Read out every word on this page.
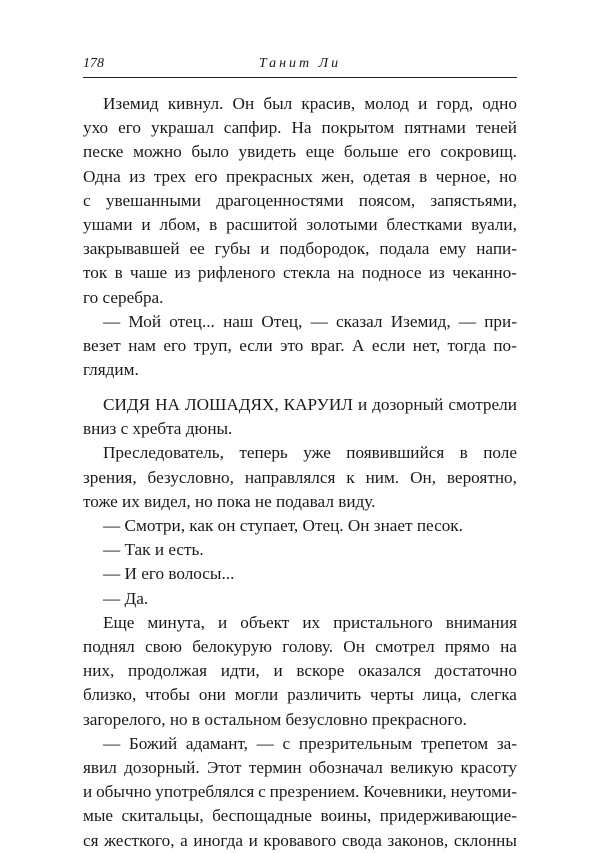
178	Танит Ли
Иземид кивнул. Он был красив, молод и горд, одно
ухо его украшал сапфир. На покрытом пятнами теней
песке можно было увидеть еще больше его сокровищ.
Одна из трех его прекрасных жен, одетая в черное, но
с увешанными драгоценностями поясом, запястьями,
ушами и лбом, в расшитой золотыми блестками вуали,
закрывавшей ее губы и подбородок, подала ему напи-
ток в чаше из рифленого стекла на подносе из чеканно-
го серебра.
— Мой отец... наш Отец, — сказал Иземид, — при-
везет нам его труп, если это враг. А если нет, тогда по-
глядим.
СИДЯ НА ЛОШАДЯХ, КАРУИЛ и дозорный смотрели
вниз с хребта дюны.
Преследователь, теперь уже появившийся в поле
зрения, безусловно, направлялся к ним. Он, вероятно,
тоже их видел, но пока не подавал виду.
— Смотри, как он ступает, Отец. Он знает песок.
— Так и есть.
— И его волосы...
— Да.
Еще минута, и объект их пристального внимания
поднял свою белокурую голову. Он смотрел прямо на
них, продолжая идти, и вскоре оказался достаточно
близко, чтобы они могли различить черты лица, слегка
загорелого, но в остальном безусловно прекрасного.
— Божий адамант, — с презрительным трепетом за-
явил дозорный. Этот термин обозначал великую красоту
и обычно употреблялся с презрением. Кочевники, неутоми-
мые скитальцы, беспощадные воины, придерживающие-
ся жесткого, а иногда и кровавого свода законов, склонны
